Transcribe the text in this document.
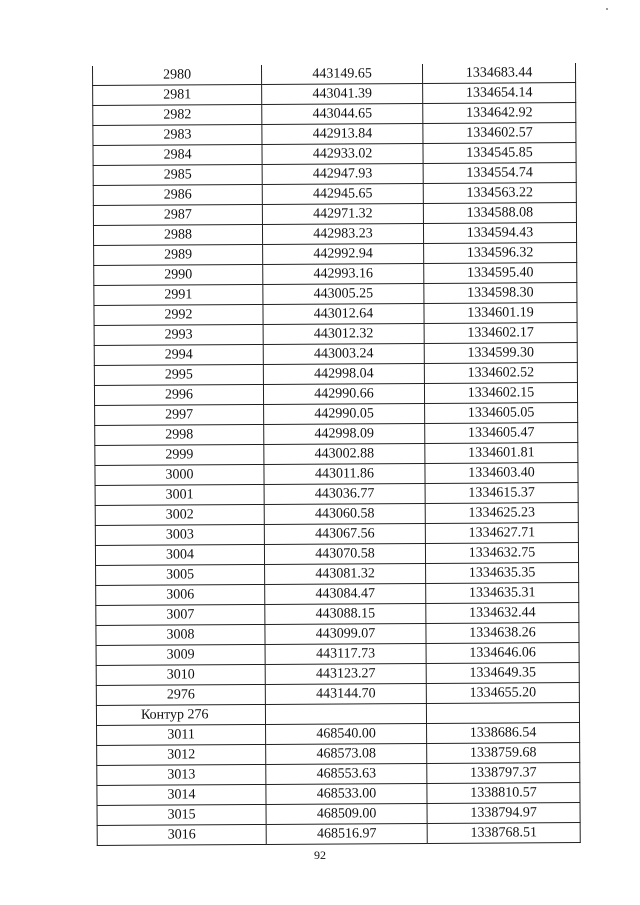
2980	443149.65	1334683.44
2981	443041.39	1334654.14
2982	443044.65	1334642.92
2983	442913.84	1334602.57
2984	442933.02	1334545.85
2985	442947.93	1334554.74
2986	442945.65	1334563.22
2987	442971.32	1334588.08
2988	442983.23	1334594.43
2989	442992.94	1334596.32
2990	442993.16	1334595.40
2991	443005.25	1334598.30
2992	443012.64	1334601.19
2993	443012.32	1334602.17
2994	443003.24	1334599.30
2995	442998.04	1334602.52
2996	442990.66	1334602.15
2997	442990.05	1334605.05
2998	442998.09	1334605.47
2999	443002.88	1334601.81
3000	443011.86	1334603.40
3001	443036.77	1334615.37
3002	443060.58	1334625.23
3003	443067.56	1334627.71
3004	443070.58	1334632.75
3005	443081.32	1334635.35
3006	443084.47	1334635.31
3007	443088.15	1334632.44
3008	443099.07	1334638.26
3009	443117.73	1334646.06
3010	443123.27	1334649.35
2976	443144.70	1334655.20
Контур 276		
3011	468540.00	1338686.54
3012	468573.08	1338759.68
3013	468553.63	1338797.37
3014	468533.00	1338810.57
3015	468509.00	1338794.97
3016	468516.97	1338768.51
92
